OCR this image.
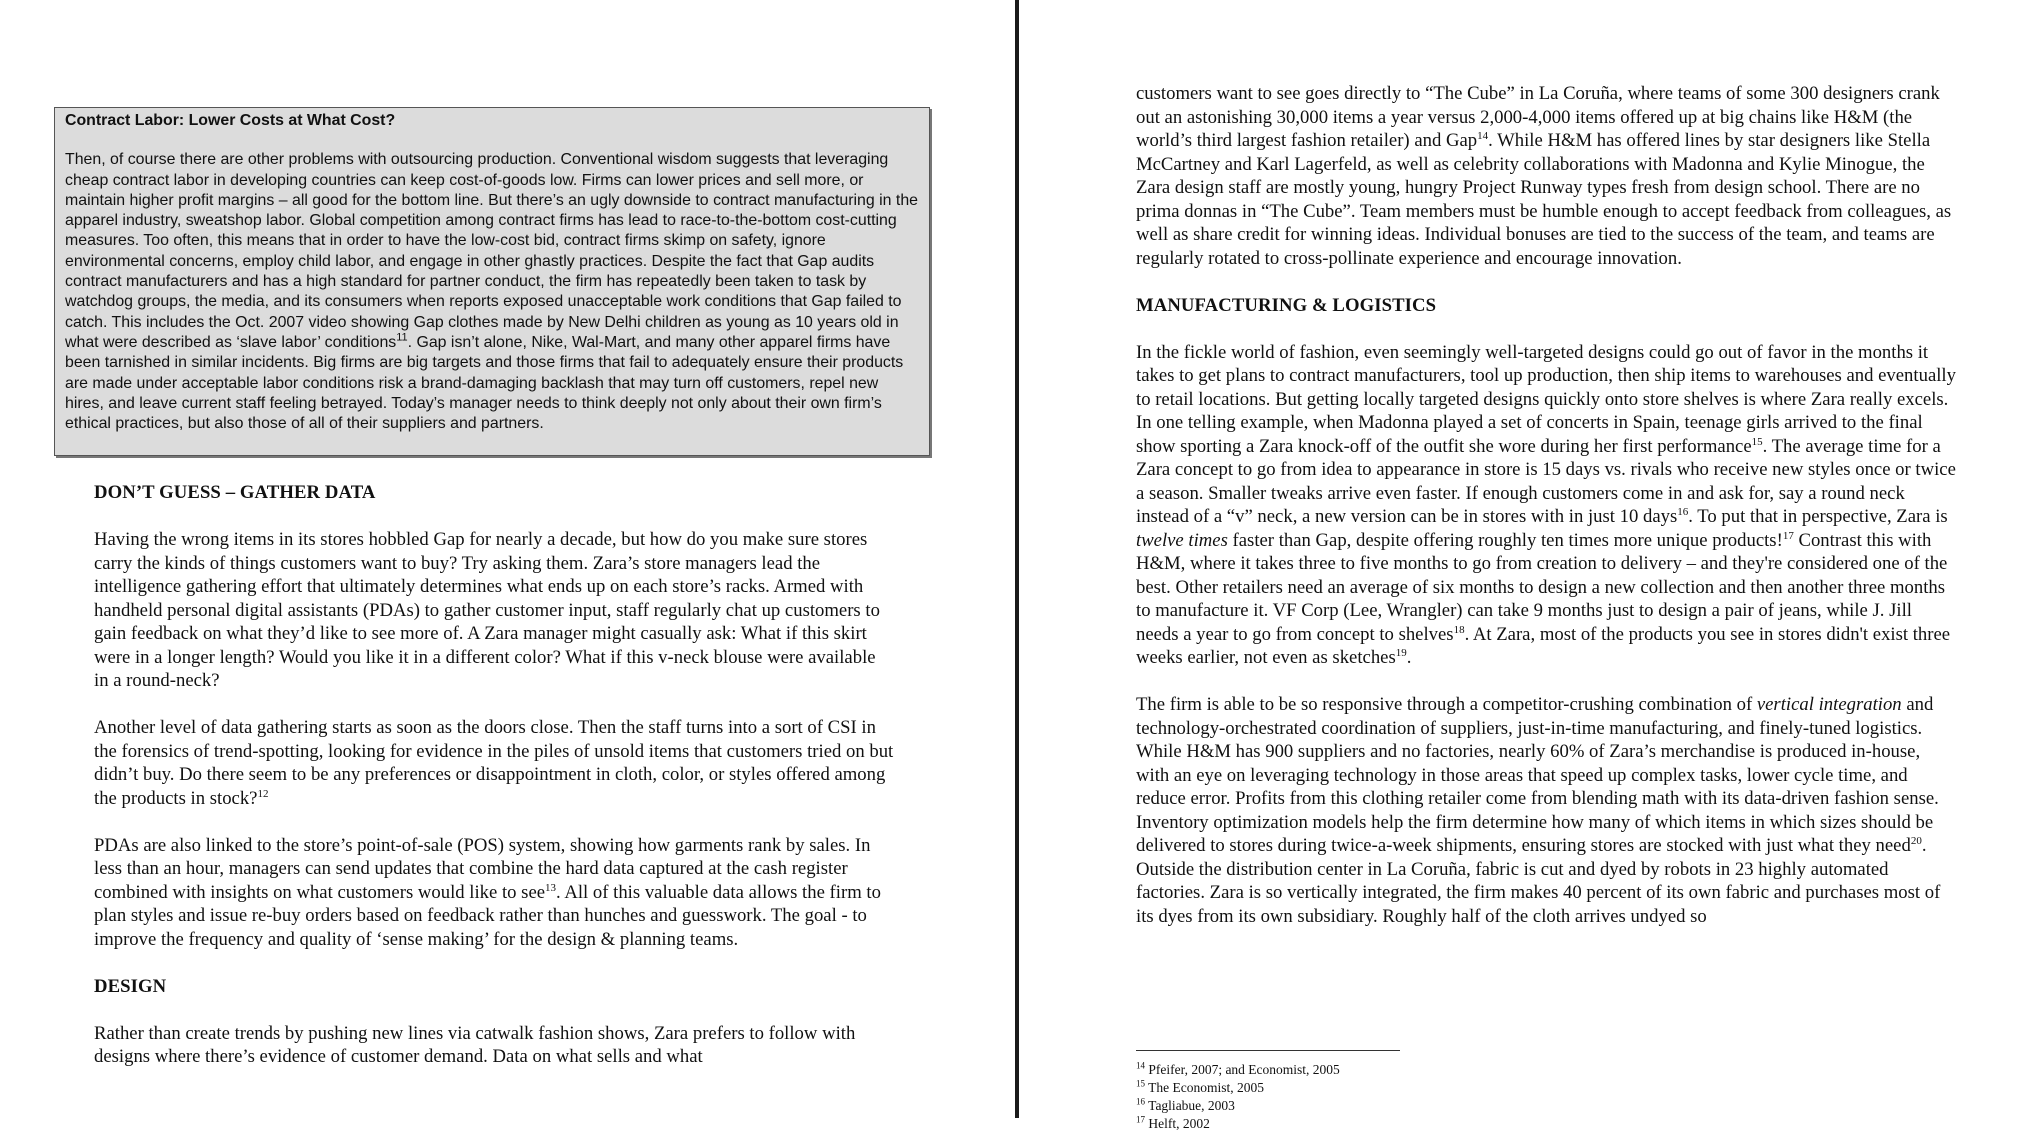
Contract Labor: Lower Costs at What Cost?
Then, of course there are other problems with outsourcing production. Conventional wisdom suggests that leveraging cheap contract labor in developing countries can keep cost-of-goods low. Firms can lower prices and sell more, or maintain higher profit margins – all good for the bottom line. But there’s an ugly downside to contract manufacturing in the apparel industry, sweatshop labor. Global competition among contract firms has lead to race-to-the-bottom cost-cutting measures. Too often, this means that in order to have the low-cost bid, contract firms skimp on safety, ignore environmental concerns, employ child labor, and engage in other ghastly practices. Despite the fact that Gap audits contract manufacturers and has a high standard for partner conduct, the firm has repeatedly been taken to task by watchdog groups, the media, and its consumers when reports exposed unacceptable work conditions that Gap failed to catch. This includes the Oct. 2007 video showing Gap clothes made by New Delhi children as young as 10 years old in what were described as ‘slave labor’ conditions$^{11}$. Gap isn’t alone, Nike, Wal-Mart, and many other apparel firms have been tarnished in similar incidents. Big firms are big targets and those firms that fail to adequately ensure their products are made under acceptable labor conditions risk a brand-damaging backlash that may turn off customers, repel new hires, and leave current staff feeling betrayed. Today’s manager needs to think deeply not only about their own firm’s ethical practices, but also those of all of their suppliers and partners.

DON’T GUESS – GATHER DATA

Having the wrong items in its stores hobbled Gap for nearly a decade, but how do you make sure stores carry the kinds of things customers want to buy? Try asking them. Zara’s store managers lead the intelligence gathering effort that ultimately determines what ends up on each store’s racks. Armed with handheld personal digital assistants (PDAs) to gather customer input, staff regularly chat up customers to gain feedback on what they’d like to see more of. A Zara manager might casually ask: What if this skirt were in a longer length? Would you like it in a different color? What if this v-neck blouse were available in a round-neck?

Another level of data gathering starts as soon as the doors close. Then the staff turns into a sort of CSI in the forensics of trend-spotting, looking for evidence in the piles of unsold items that customers tried on but didn’t buy. Do there seem to be any preferences or disappointment in cloth, color, or styles offered among the products in stock?$^{12}$

PDAs are also linked to the store’s point-of-sale (POS) system, showing how garments rank by sales. In less than an hour, managers can send updates that combine the hard data captured at the cash register combined with insights on what customers would like to see$^{13}$. All of this valuable data allows the firm to plan styles and issue re-buy orders based on feedback rather than hunches and guesswork. The goal - to improve the frequency and quality of ‘sense making’ for the design & planning teams.

DESIGN

Rather than create trends by pushing new lines via catwalk fashion shows, Zara prefers to follow with designs where there’s evidence of customer demand. Data on what sells and what

customers want to see goes directly to “The Cube” in La Coruña, where teams of some 300 designers crank out an astonishing 30,000 items a year versus 2,000-4,000 items offered up at big chains like H&M (the world’s third largest fashion retailer) and Gap$^{14}$. While H&M has offered lines by star designers like Stella McCartney and Karl Lagerfeld, as well as celebrity collaborations with Madonna and Kylie Minogue, the Zara design staff are mostly young, hungry Project Runway types fresh from design school. There are no prima donnas in “The Cube”. Team members must be humble enough to accept feedback from colleagues, as well as share credit for winning ideas. Individual bonuses are tied to the success of the team, and teams are regularly rotated to cross-pollinate experience and encourage innovation.

MANUFACTURING & LOGISTICS

In the fickle world of fashion, even seemingly well-targeted designs could go out of favor in the months it takes to get plans to contract manufacturers, tool up production, then ship items to warehouses and eventually to retail locations. But getting locally targeted designs quickly onto store shelves is where Zara really excels. In one telling example, when Madonna played a set of concerts in Spain, teenage girls arrived to the final show sporting a Zara knock-off of the outfit she wore during her first performance$^{15}$. The average time for a Zara concept to go from idea to appearance in store is 15 days vs. rivals who receive new styles once or twice a season. Smaller tweaks arrive even faster. If enough customers come in and ask for, say a round neck instead of a “v” neck, a new version can be in stores with in just 10 days$^{16}$. To put that in perspective, Zara is twelve times faster than Gap, despite offering roughly ten times more unique products!$^{17}$ Contrast this with H&M, where it takes three to five months to go from creation to delivery – and they're considered one of the best. Other retailers need an average of six months to design a new collection and then another three months to manufacture it. VF Corp (Lee, Wrangler) can take 9 months just to design a pair of jeans, while J. Jill needs a year to go from concept to shelves$^{18}$. At Zara, most of the products you see in stores didn't exist three weeks earlier, not even as sketches$^{19}$.

The firm is able to be so responsive through a competitor-crushing combination of vertical integration and technology-orchestrated coordination of suppliers, just-in-time manufacturing, and finely-tuned logistics. While H&M has 900 suppliers and no factories, nearly 60% of Zara’s merchandise is produced in-house, with an eye on leveraging technology in those areas that speed up complex tasks, lower cycle time, and reduce error. Profits from this clothing retailer come from blending math with its data-driven fashion sense. Inventory optimization models help the firm determine how many of which items in which sizes should be delivered to stores during twice-a-week shipments, ensuring stores are stocked with just what they need$^{20}$. Outside the distribution center in La Coruña, fabric is cut and dyed by robots in 23 highly automated factories. Zara is so vertically integrated, the firm makes 40 percent of its own fabric and purchases most of its dyes from its own subsidiary. Roughly half of the cloth arrives undyed so

$^{14}$ Pfeifer, 2007; and Economist, 2005
$^{15}$ The Economist, 2005
$^{16}$ Tagliabue, 2003
$^{17}$ Helft, 2002
